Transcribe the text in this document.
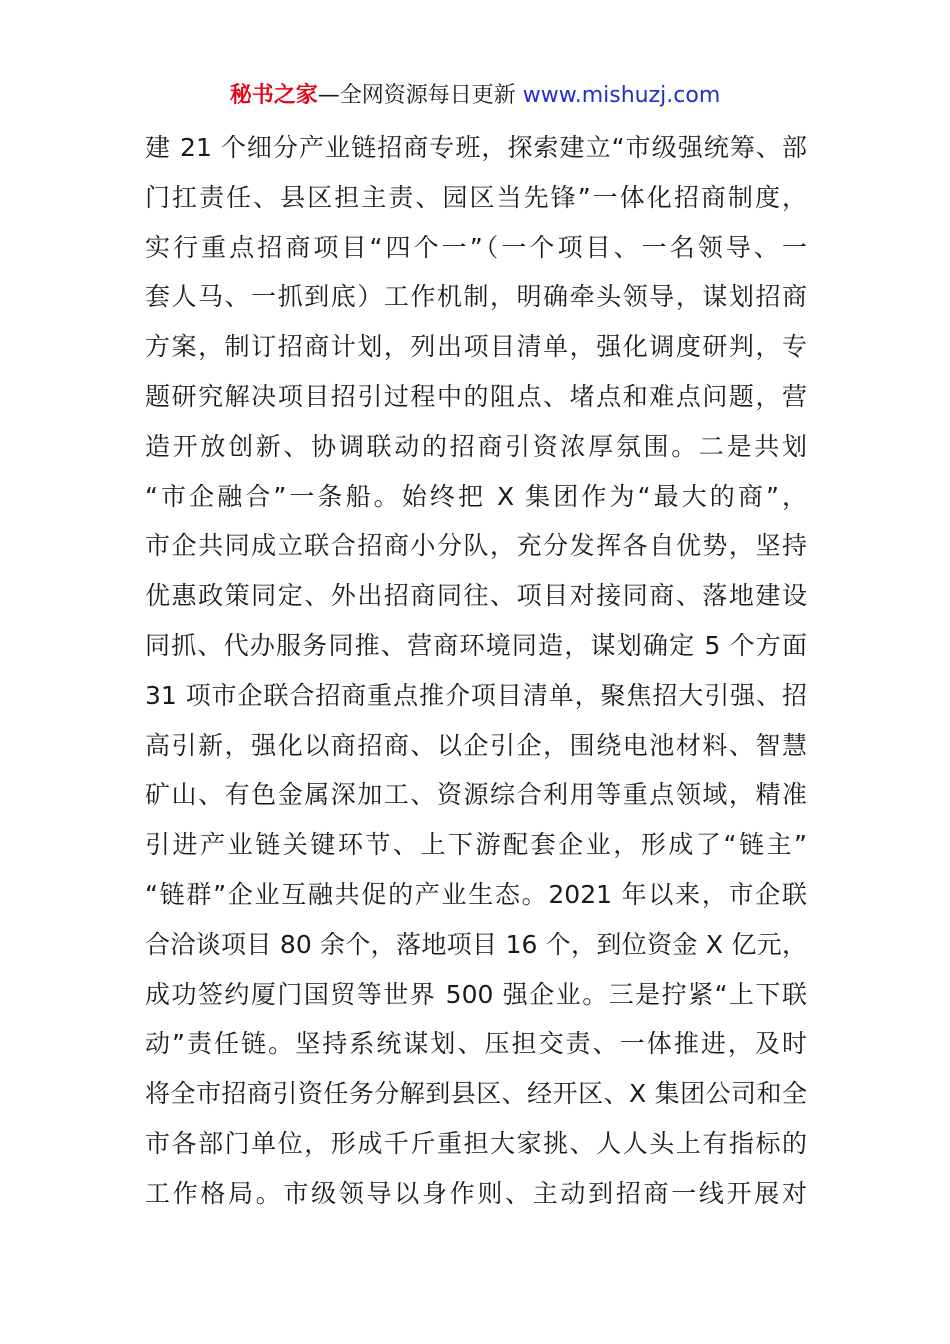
秘书之家—全网资源每日更新 www.mishuzj.com
建 21 个细分产业链招商专班，探索建立“市级强统筹、部
门扛责任、县区担主责、园区当先锋”一体化招商制度，
实行重点招商项目“四个一”（一个项目、一名领导、一
套人马、一抓到底）工作机制，明确牵头领导，谋划招商
方案，制订招商计划，列出项目清单，强化调度研判，专
题研究解决项目招引过程中的阻点、堵点和难点问题，营
造开放创新、协调联动的招商引资浓厚氛围。二是共划
“市企融合”一条船。始终把 X 集团作为“最大的商”，
市企共同成立联合招商小分队，充分发挥各自优势，坚持
优惠政策同定、外出招商同往、项目对接同商、落地建设
同抓、代办服务同推、营商环境同造，谋划确定 5 个方面
31 项市企联合招商重点推介项目清单，聚焦招大引强、招
高引新，强化以商招商、以企引企，围绕电池材料、智慧
矿山、有色金属深加工、资源综合利用等重点领域，精准
引进产业链关键环节、上下游配套企业，形成了“链主”
“链群”企业互融共促的产业生态。2021 年以来，市企联
合洽谈项目 80 余个，落地项目 16 个，到位资金 X 亿元，
成功签约厦门国贸等世界 500 强企业。三是拧紧“上下联
动”责任链。坚持系统谋划、压担交责、一体推进，及时
将全市招商引资任务分解到县区、经开区、X 集团公司和全
市各部门单位，形成千斤重担大家挑、人人头上有指标的
工作格局。市级领导以身作则、主动到招商一线开展对
